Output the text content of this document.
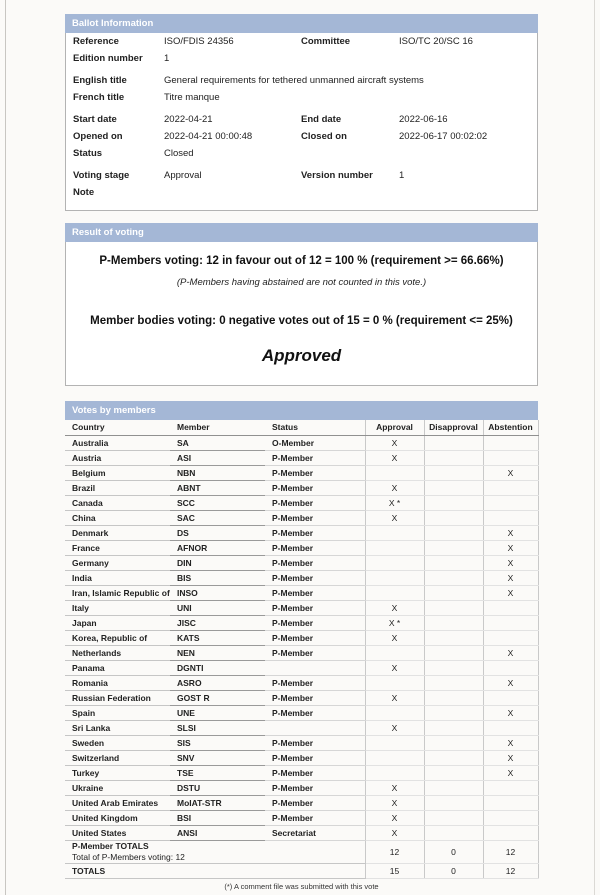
Ballot Information
Reference	ISO/FDIS 24356	Committee	ISO/TC 20/SC 16
Edition number	1
English title	General requirements for tethered unmanned aircraft systems
French title	Titre manque
Start date	2022-04-21	End date	2022-06-16
Opened on	2022-04-21 00:00:48	Closed on	2022-06-17 00:02:02
Status	Closed
Voting stage	Approval	Version number	1
Note
Result of voting
P-Members voting: 12 in favour out of 12 = 100 % (requirement >= 66.66%)
(P-Members having abstained are not counted in this vote.)
Member bodies voting: 0 negative votes out of 15 = 0 % (requirement <= 25%)
Approved
Votes by members
Country	Member	Status	Approval	Disapproval	Abstention
Australia	SA	O-Member	X		
Austria	ASI	P-Member	X		
Belgium	NBN	P-Member			X
Brazil	ABNT	P-Member	X		
Canada	SCC	P-Member	X *		
China	SAC	P-Member	X		
Denmark	DS	P-Member			X
France	AFNOR	P-Member			X
Germany	DIN	P-Member			X
India	BIS	P-Member			X
Iran, Islamic Republic of	INSO	P-Member			X
Italy	UNI	P-Member	X		
Japan	JISC	P-Member	X *		
Korea, Republic of	KATS	P-Member	X		
Netherlands	NEN	P-Member			X
Panama	DGNTI		X		
Romania	ASRO	P-Member			X
Russian Federation	GOST R	P-Member	X		
Spain	UNE	P-Member			X
Sri Lanka	SLSI		X		
Sweden	SIS	P-Member			X
Switzerland	SNV	P-Member			X
Turkey	TSE	P-Member			X
Ukraine	DSTU	P-Member	X		
United Arab Emirates	MoIAT-STR	P-Member	X		
United Kingdom	BSI	P-Member	X		
United States	ANSI	Secretariat	X		

P-Member TOTALS
Total of P-Members voting: 12			12	0	12
TOTALS			15	0	12
(*) A comment file was submitted with this vote
